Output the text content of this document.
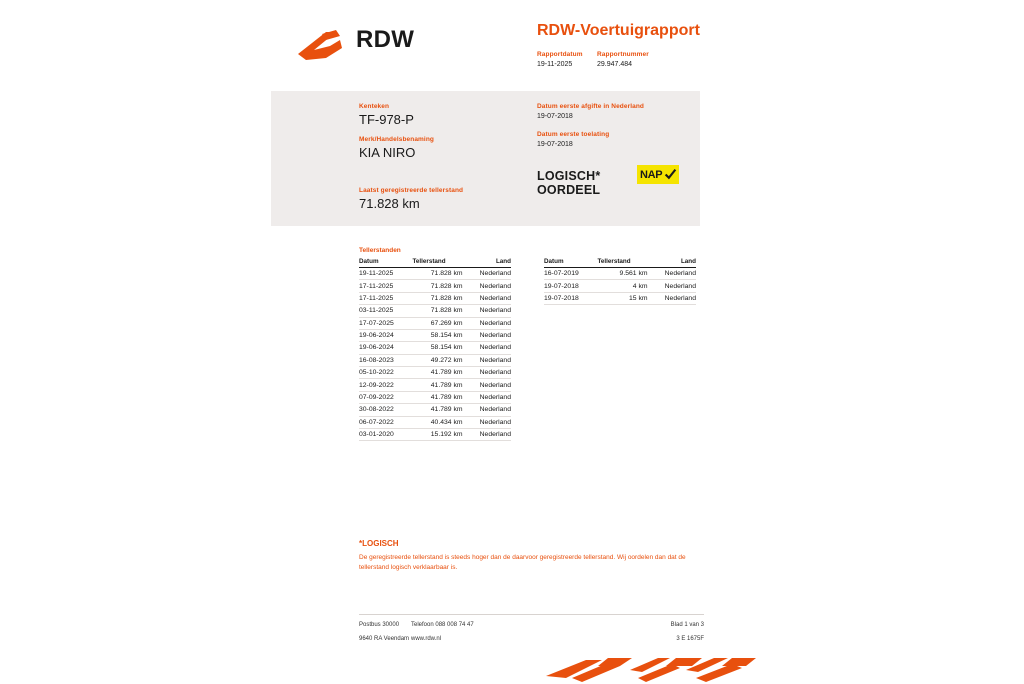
RDW	RDW-Voertuigrapport
Rapportdatum
19-11-2025
Rapportnummer
29.947.484
Kenteken
TF-978-P
Merk/Handelsbenaming
KIA NIRO
Laatst geregistreerde tellerstand
71.828 km
Datum eerste afgifte in Nederland
19-07-2018
Datum eerste toelating
19-07-2018
LOGISCH*
OORDEEL
NAP
Tellerstanden
Datum	Tellerstand	Land
19-11-2025	71.828 km	Nederland
17-11-2025	71.828 km	Nederland
17-11-2025	71.828 km	Nederland
03-11-2025	71.828 km	Nederland
17-07-2025	67.269 km	Nederland
19-06-2024	58.154 km	Nederland
19-06-2024	58.154 km	Nederland
16-08-2023	49.272 km	Nederland
05-10-2022	41.789 km	Nederland
12-09-2022	41.789 km	Nederland
07-09-2022	41.789 km	Nederland
30-08-2022	41.789 km	Nederland
06-07-2022	40.434 km	Nederland
03-01-2020	15.192 km	Nederland
Datum	Tellerstand	Land
16-07-2019	9.561 km	Nederland
19-07-2018	4 km	Nederland
19-07-2018	15 km	Nederland
*LOGISCH
De geregistreerde tellerstand is steeds hoger dan de daarvoor geregistreerde tellerstand. Wij oordelen dan dat de tellerstand logisch verklaarbaar is.
Postbus 30000
9640 RA Veendam
Telefoon 088 008 74 47
www.rdw.nl
Blad 1 van 3
3 E 1675F
